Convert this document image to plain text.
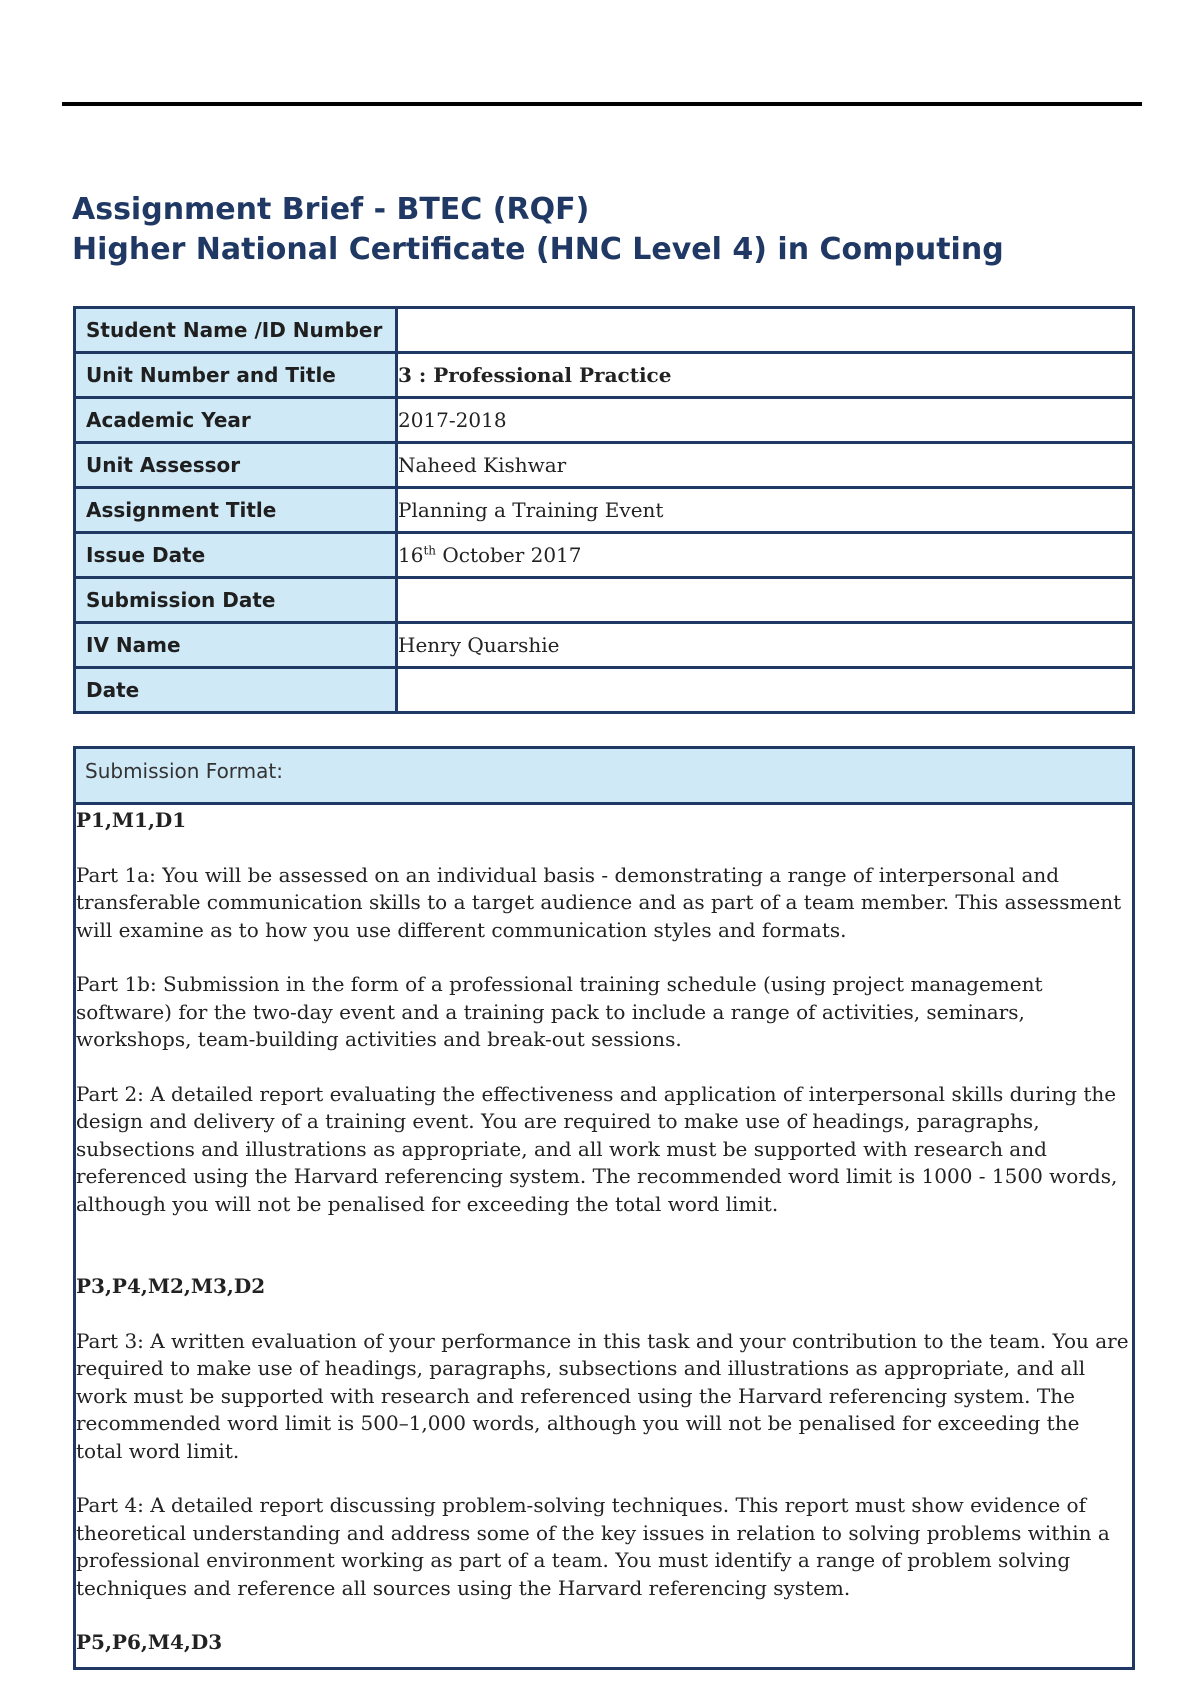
Assignment Brief - BTEC (RQF)
Higher National Certificate (HNC Level 4) in Computing
Student Name /ID Number	
Unit Number and Title	3 : Professional Practice
Academic Year	2017-2018
Unit Assessor	Naheed Kishwar
Assignment Title	Planning a Training Event
Issue Date	16th October 2017
Submission Date	
IV Name	Henry Quarshie
Date	
Submission Format:

P1,M1,D1

Part 1a: You will be assessed on an individual basis - demonstrating a range of interpersonal and transferable communication skills to a target audience and as part of a team member. This assessment will examine as to how you use different communication styles and formats.

Part 1b: Submission in the form of a professional training schedule (using project management software) for the two-day event and a training pack to include a range of activities, seminars, workshops, team-building activities and break-out sessions.

Part 2: A detailed report evaluating the effectiveness and application of interpersonal skills during the design and delivery of a training event. You are required to make use of headings, paragraphs, subsections and illustrations as appropriate, and all work must be supported with research and referenced using the Harvard referencing system. The recommended word limit is 1000 - 1500 words, although you will not be penalised for exceeding the total word limit.

P3,P4,M2,M3,D2

Part 3: A written evaluation of your performance in this task and your contribution to the team. You are required to make use of headings, paragraphs, subsections and illustrations as appropriate, and all work must be supported with research and referenced using the Harvard referencing system. The recommended word limit is 500–1,000 words, although you will not be penalised for exceeding the total word limit.

Part 4: A detailed report discussing problem-solving techniques. This report must show evidence of theoretical understanding and address some of the key issues in relation to solving problems within a professional environment working as part of a team. You must identify a range of problem solving techniques and reference all sources using the Harvard referencing system.

P5,P6,M4,D3
